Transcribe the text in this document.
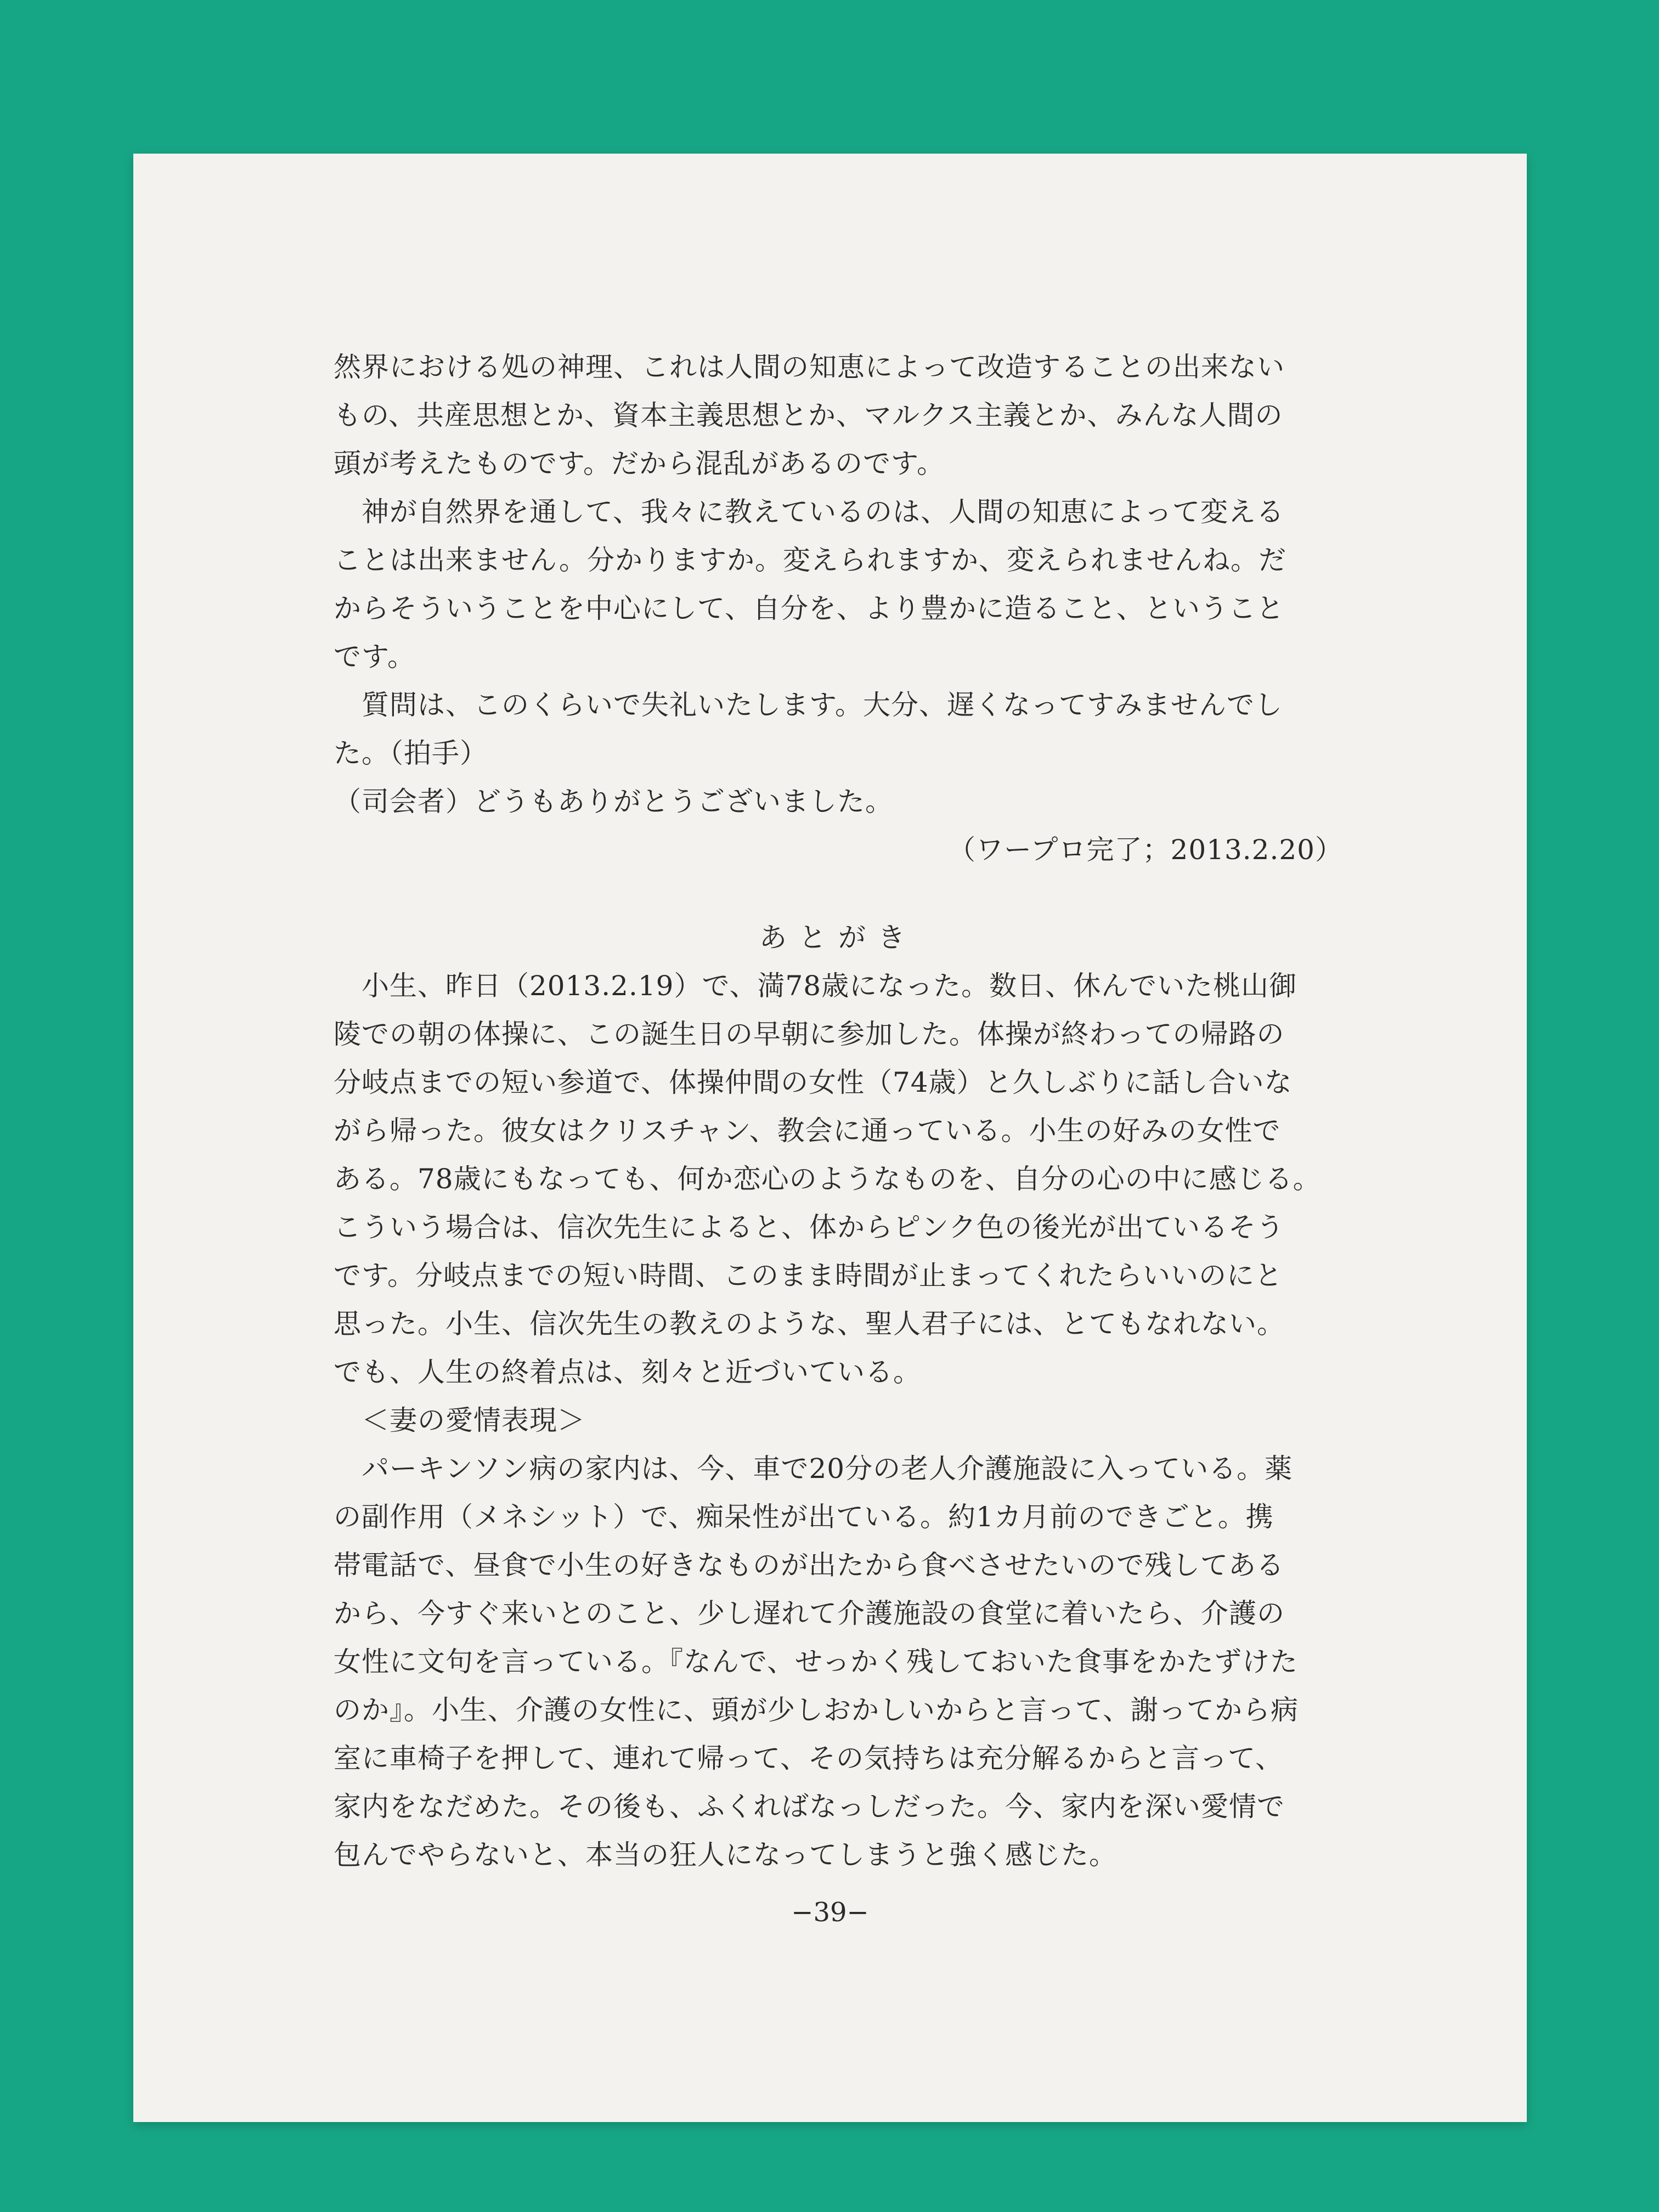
然界における処の神理、これは人間の知恵によって改造することの出来ない
もの、共産思想とか、資本主義思想とか、マルクス主義とか、みんな人間の
頭が考えたものです。だから混乱があるのです。
　神が自然界を通して、我々に教えているのは、人間の知恵によって変える
ことは出来ません。分かりますか。変えられますか、変えられませんね。だ
からそういうことを中心にして、自分を、より豊かに造ること、ということ
です。
　質問は、このくらいで失礼いたします。大分、遅くなってすみませんでし
た。（拍手）
（司会者）どうもありがとうございました。
（ワープロ完了；2013.2.20）
あとがき
　小生、昨日（2013.2.19）で、満78歳になった。数日、休んでいた桃山御
陵での朝の体操に、この誕生日の早朝に参加した。体操が終わっての帰路の
分岐点までの短い参道で、体操仲間の女性（74歳）と久しぶりに話し合いな
がら帰った。彼女はクリスチャン、教会に通っている。小生の好みの女性で
ある。78歳にもなっても、何か恋心のようなものを、自分の心の中に感じる。
こういう場合は、信次先生によると、体からピンク色の後光が出ているそう
です。分岐点までの短い時間、このまま時間が止まってくれたらいいのにと
思った。小生、信次先生の教えのような、聖人君子には、とてもなれない。
でも、人生の終着点は、刻々と近づいている。
　＜妻の愛情表現＞
　パーキンソン病の家内は、今、車で20分の老人介護施設に入っている。薬
の副作用（メネシット）で、痴呆性が出ている。約1カ月前のできごと。携
帯電話で、昼食で小生の好きなものが出たから食べさせたいので残してある
から、今すぐ来いとのこと、少し遅れて介護施設の食堂に着いたら、介護の
女性に文句を言っている。『なんで、せっかく残しておいた食事をかたずけた
のか』。小生、介護の女性に、頭が少しおかしいからと言って、謝ってから病
室に車椅子を押して、連れて帰って、その気持ちは充分解るからと言って、
家内をなだめた。その後も、ふくればなっしだった。今、家内を深い愛情で
包んでやらないと、本当の狂人になってしまうと強く感じた。
−39−
